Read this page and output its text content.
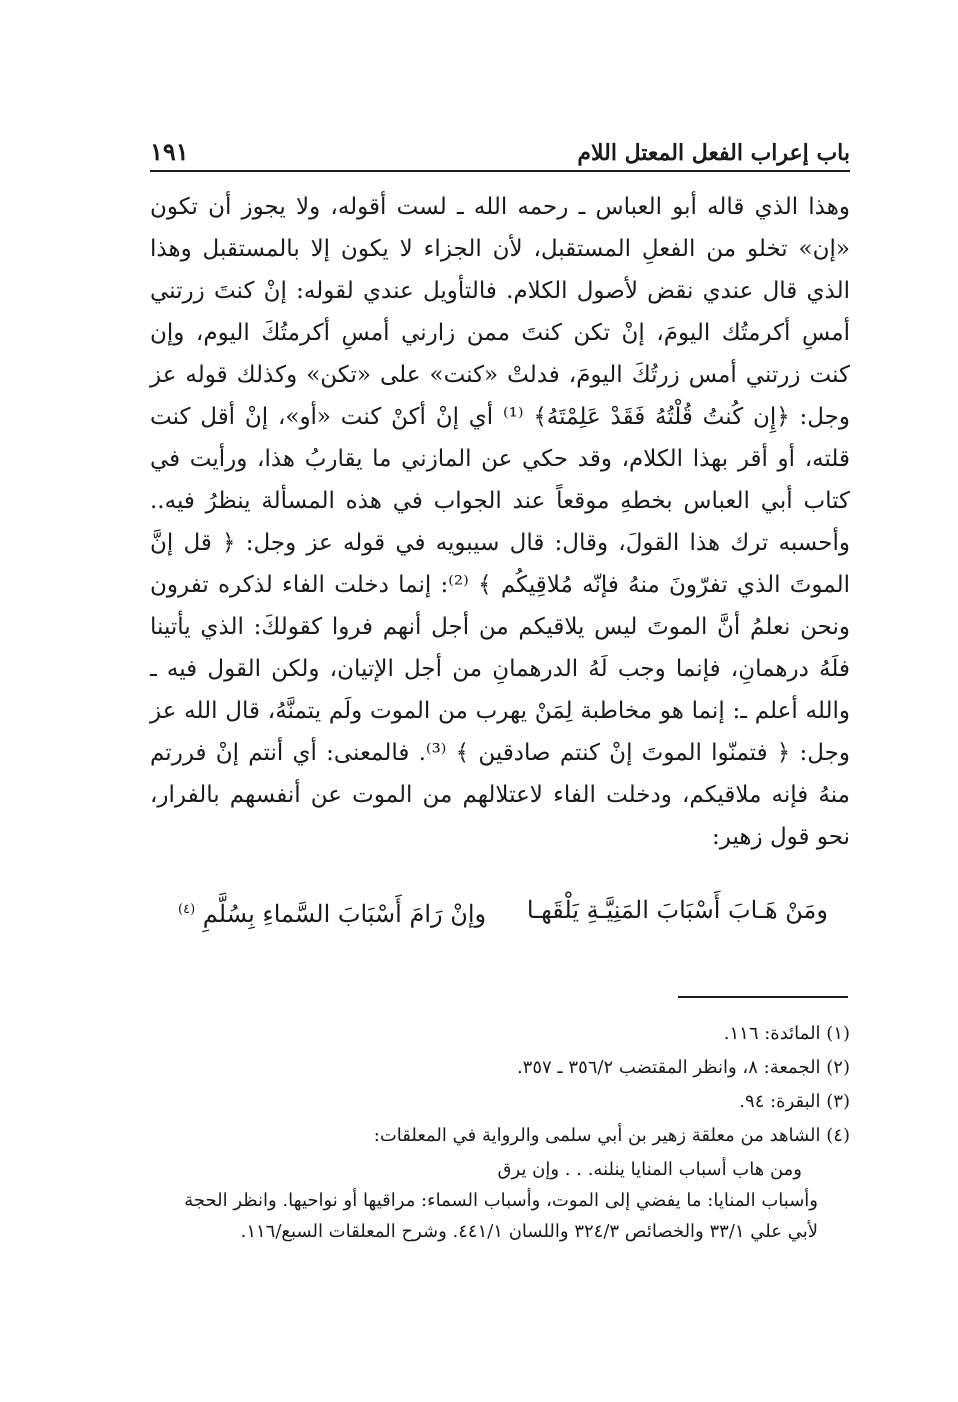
باب إعراب الفعل المعتل اللام
١٩١

وهذا الذي قاله أبو العباس ـ رحمه الله ـ لست أقوله، ولا يجوز أن تكون «إن» تخلو من الفعلِ المستقبل، لأن الجزاء لا يكون إلا بالمستقبل وهذا الذي قال عندي نقض لأصول الكلام. فالتأويل عندي لقوله: إنْ كنتَ زرتني أمسِ أكرمتُك اليومَ، إنْ تكن كنتَ ممن زارني أمسِ أكرمتُكَ اليوم، وإن كنت زرتني أمس زرتُكَ اليومَ، فدلتْ «كنت» على «تكن» وكذلك قوله عز وجل: ﴿إِن كُنتُ قُلْتُهُ فَقَدْ عَلِمْتَهُ﴾ ⁽¹⁾ أي إنْ أكنْ كنت «أو»، إنْ أقل كنت قلته، أو أقر بهذا الكلام، وقد حكي عن المازني ما يقاربُ هذا، ورأيت في كتاب أبي العباس بخطهِ موقعاً عند الجواب في هذه المسألة ينظرُ فيه.. وأحسبه ترك هذا القولَ، وقال: قال سيبويه في قوله عز وجل: ﴿ قل إنَّ الموتَ الذي تفرّونَ منهُ فإنّه مُلاقِيكُم ﴾ ⁽²⁾: إنما دخلت الفاء لذكره تفرون ونحن نعلمُ أنَّ الموتَ ليس يلاقيكم من أجل أنهم فروا كقولكَ: الذي يأتينا فلَهُ درهمانِ، فإنما وجب لَهُ الدرهمانِ من أجل الإتيان، ولكن القول فيه ـ والله أعلم ـ: إنما هو مخاطبة لِمَنْ يهرب من الموت ولَم يتمنَّهُ، قال الله عز وجل: ﴿ فتمنّوا الموتَ إنْ كنتم صادقين ﴾ ⁽³⁾. فالمعنى: أي أنتم إنْ فررتم منهُ فإنه ملاقيكم، ودخلت الفاء لاعتلالهم من الموت عن أنفسهم بالفرار، نحو قول زهير:

ومَنْ هَـابَ أَسْبَابَ المَنِيَّـةِ يَلْقَهـا
وإنْ رَامَ أَسْبَابَ السَّماءِ بِسُلَّمِ $^{(٤)}$

(١) المائدة: ١١٦.

(٢) الجمعة: ٨، وانظر المقتضب ٣٥٦/٢ ـ ٣٥٧.

(٣) البقرة: ٩٤.

(٤) الشاهد من معلقة زهير بن أبي سلمى والرواية في المعلقات:

ومن هاب أسباب المنايا ينلنه. . . وإن يرق

وأسباب المنايا: ما يفضي إلى الموت، وأسباب السماء: مراقيها أو نواحيها. وانظر الحجة لأبي علي ٣٣/١ والخصائص ٣٢٤/٣ واللسان ٤٤١/١. وشرح المعلقات السبع/١١٦.
